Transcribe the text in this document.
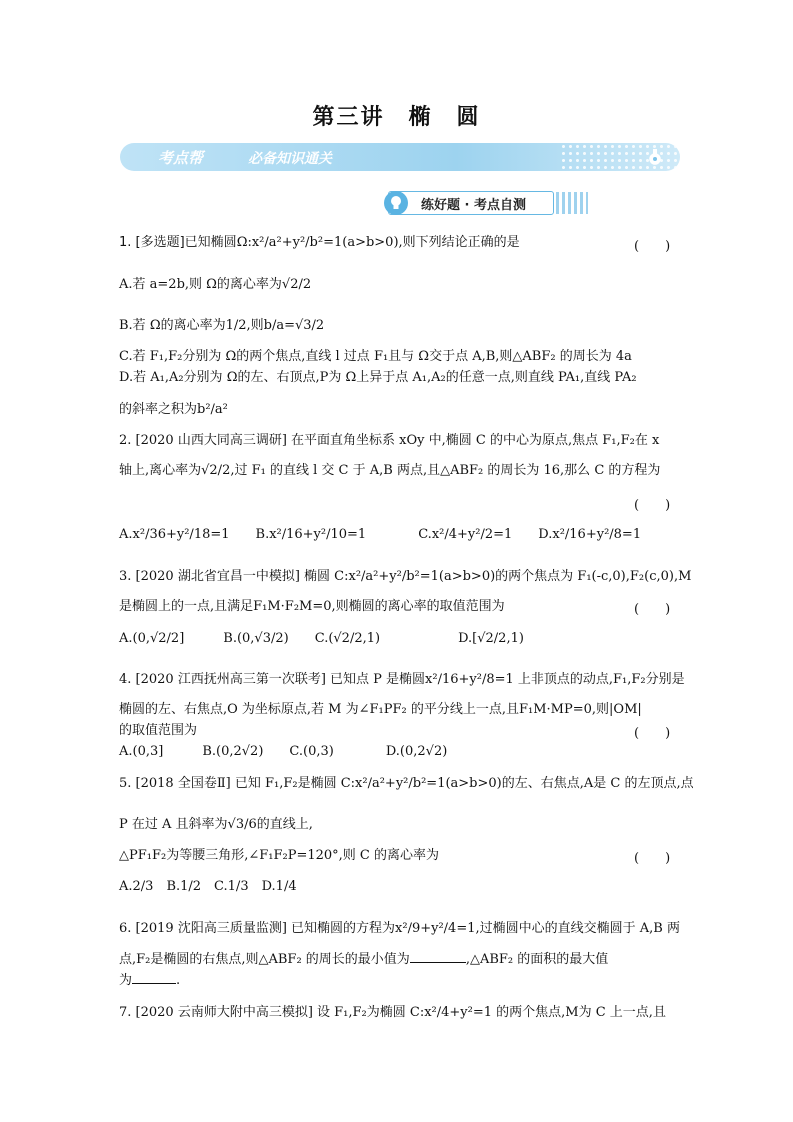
第三讲　椭　圆
考点帮	必备知识通关
练好题 · 考点自测
1. [多选题]已知椭圆Ω:x²/a²+y²/b²=1(a>b>0),则下列结论正确的是	(　　)
A.若 a=2b,则 Ω的离心率为√2/2
B.若 Ω的离心率为1/2,则b/a=√3/2
C.若 F₁,F₂分别为 Ω的两个焦点,直线 l 过点 F₁且与 Ω交于点 A,B,则△ABF₂ 的周长为 4a
D.若 A₁,A₂分别为 Ω的左、右顶点,P为 Ω上异于点 A₁,A₂的任意一点,则直线 PA₁,直线 PA₂
的斜率之积为b²/a²
2. [2020 山西大同高三调研] 在平面直角坐标系 xOy 中,椭圆 C 的中心为原点,焦点 F₁,F₂在 x
轴上,离心率为√2/2,过 F₁ 的直线 l 交 C 于 A,B 两点,且△ABF₂ 的周长为 16,那么 C 的方程为
(　　)
A.x²/36+y²/18=1　　B.x²/16+y²/10=1　　　　C.x²/4+y²/2=1　　D.x²/16+y²/8=1
3. [2020 湖北省宜昌一中模拟] 椭圆 C:x²/a²+y²/b²=1(a>b>0)的两个焦点为 F₁(-c,0),F₂(c,0),M
是椭圆上的一点,且满足F₁M·F₂M=0,则椭圆的离心率的取值范围为	(　　)
A.(0,√2/2]　　　B.(0,√3/2)　　C.(√2/2,1)　　　　　　D.[√2/2,1)
4. [2020 江西抚州高三第一次联考] 已知点 P 是椭圆x²/16+y²/8=1 上非顶点的动点,F₁,F₂分别是
椭圆的左、右焦点,O 为坐标原点,若 M 为∠F₁PF₂ 的平分线上一点,且F₁M·MP=0,则|OM|
的取值范围为	(　　)
A.(0,3]　　　B.(0,2√2)　　C.(0,3)　　　　D.(0,2√2)
5. [2018 全国卷Ⅱ] 已知 F₁,F₂是椭圆 C:x²/a²+y²/b²=1(a>b>0)的左、右焦点,A是 C 的左顶点,点
P 在过 A 且斜率为√3/6的直线上,
△PF₁F₂为等腰三角形,∠F₁F₂P=120°,则 C 的离心率为	(　　)
A.2/3　B.1/2　C.1/3　D.1/4
6. [2019 沈阳高三质量监测] 已知椭圆的方程为x²/9+y²/4=1,过椭圆中心的直线交椭圆于 A,B 两
点,F₂是椭圆的右焦点,则△ABF₂ 的周长的最小值为	,△ABF₂ 的面积的最大值
为	.
7. [2020 云南师大附中高三模拟] 设 F₁,F₂为椭圆 C:x²/4+y²=1 的两个焦点,M为 C 上一点,且
